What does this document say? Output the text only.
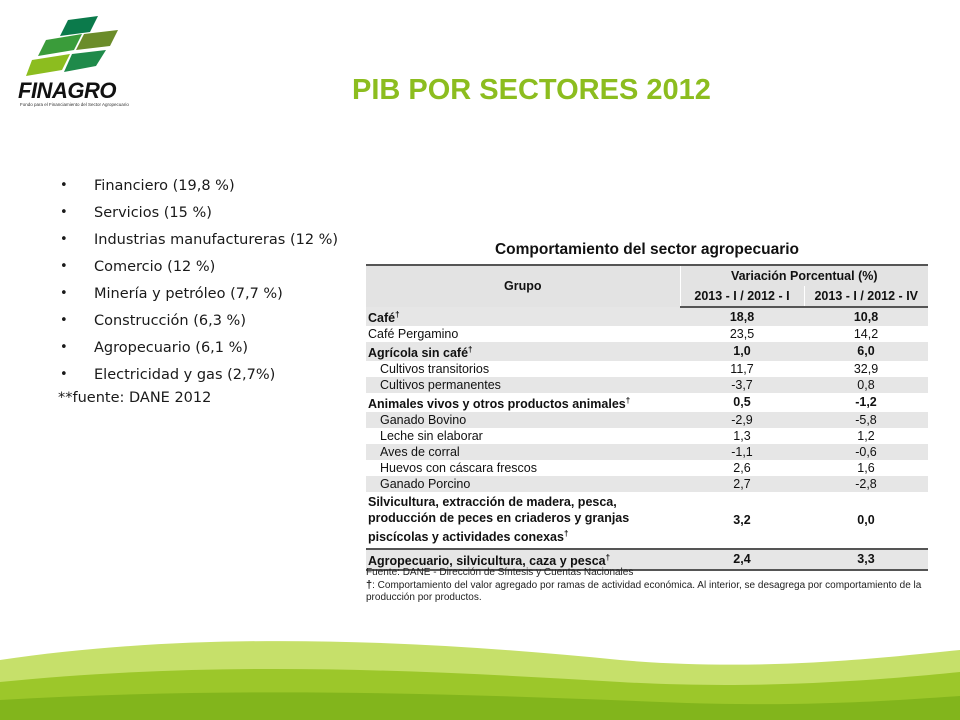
FINAGRO
Fondo para el Financiamiento del Sector Agropecuario	PIB POR SECTORES 2012
• Financiero (19,8 %)
• Servicios (15 %)
• Industrias manufactureras (12 %)
• Comercio (12 %)
• Minería y petróleo (7,7 %)
• Construcción (6,3 %)
• Agropecuario (6,1 %)
• Electricidad y gas (2,7%)
**fuente: DANE 2012
Comportamiento del sector agropecuario
Grupo	Variación Porcentual (%)	
	2013 - I / 2012 - I	2013 - I / 2012 - IV
Café†	18,8	10,8
Café Pergamino	23,5	14,2
Agrícola sin café†	1,0	6,0
Cultivos transitorios	11,7	32,9
Cultivos permanentes	-3,7	0,8
Animales vivos y otros productos animales†	0,5	-1,2
Ganado Bovino	-2,9	-5,8
Leche sin elaborar	1,3	1,2
Aves de corral	-1,1	-0,6
Huevos con cáscara frescos	2,6	1,6
Ganado Porcino	2,7	-2,8

Silvicultura, extracción de madera, pesca,
producción de peces en criaderos y granjas
piscícolas y actividades conexas†	3,2	0,0
Agropecuario, silvicultura, caza y pesca†	2,4	3,3
Fuente: DANE - Dirección de Síntesis y Cuentas Nacionales
†: Comportamiento del valor agregado por ramas de actividad económica. Al interior, se desagrega por comportamiento de la producción por productos.
